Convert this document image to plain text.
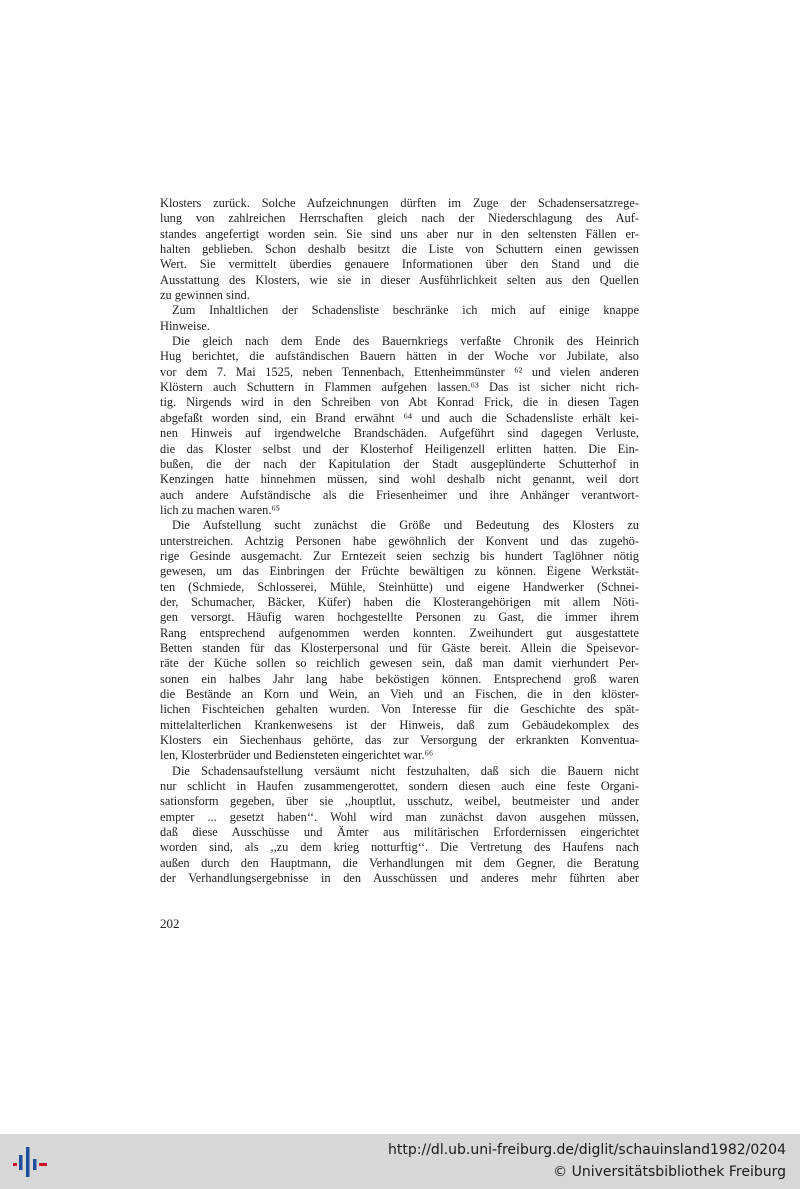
Klosters zurück. Solche Aufzeichnungen dürften im Zuge der Schadensersatzrege-
lung von zahlreichen Herrschaften gleich nach der Niederschlagung des Auf-
standes angefertigt worden sein. Sie sind uns aber nur in den seltensten Fällen er-
halten geblieben. Schon deshalb besitzt die Liste von Schuttern einen gewissen
Wert. Sie vermittelt überdies genauere Informationen über den Stand und die
Ausstattung des Klosters, wie sie in dieser Ausführlichkeit selten aus den Quellen
zu gewinnen sind.
Zum Inhaltlichen der Schadensliste beschränke ich mich auf einige knappe
Hinweise.
Die gleich nach dem Ende des Bauernkriegs verfaßte Chronik des Heinrich
Hug berichtet, die aufständischen Bauern hätten in der Woche vor Jubilate, also
vor dem 7. Mai 1525, neben Tennenbach, Ettenheimmünster ⁶² und vielen anderen
Klöstern auch Schuttern in Flammen aufgehen lassen.⁶³ Das ist sicher nicht rich-
tig. Nirgends wird in den Schreiben von Abt Konrad Frick, die in diesen Tagen
abgefaßt worden sind, ein Brand erwähnt ⁶⁴ und auch die Schadensliste erhält kei-
nen Hinweis auf irgendwelche Brandschäden. Aufgeführt sind dagegen Verluste,
die das Kloster selbst und der Klosterhof Heiligenzell erlitten hatten. Die Ein-
bußen, die der nach der Kapitulation der Stadt ausgeplünderte Schutterhof in
Kenzingen hatte hinnehmen müssen, sind wohl deshalb nicht genannt, weil dort
auch andere Aufständische als die Friesenheimer und ihre Anhänger verantwort-
lich zu machen waren.⁶⁵
Die Aufstellung sucht zunächst die Größe und Bedeutung des Klosters zu
unterstreichen. Achtzig Personen habe gewöhnlich der Konvent und das zugehö-
rige Gesinde ausgemacht. Zur Erntezeit seien sechzig bis hundert Taglöhner nötig
gewesen, um das Einbringen der Früchte bewältigen zu können. Eigene Werkstät-
ten (Schmiede, Schlosserei, Mühle, Steinhütte) und eigene Handwerker (Schnei-
der, Schumacher, Bäcker, Küfer) haben die Klosterangehörigen mit allem Nöti-
gen versorgt. Häufig waren hochgestellte Personen zu Gast, die immer ihrem
Rang entsprechend aufgenommen werden konnten. Zweihundert gut ausgestattete
Betten standen für das Klosterpersonal und für Gäste bereit. Allein die Speisevor-
räte der Küche sollen so reichlich gewesen sein, daß man damit vierhundert Per-
sonen ein halbes Jahr lang habe beköstigen können. Entsprechend groß waren
die Bestände an Korn und Wein, an Vieh und an Fischen, die in den klöster-
lichen Fischteichen gehalten wurden. Von Interesse für die Geschichte des spät-
mittelalterlichen Krankenwesens ist der Hinweis, daß zum Gebäudekomplex des
Klosters ein Siechenhaus gehörte, das zur Versorgung der erkrankten Konventua-
len, Klosterbrüder und Bediensteten eingerichtet war.⁶⁶
Die Schadensaufstellung versäumt nicht festzuhalten, daß sich die Bauern nicht
nur schlicht in Haufen zusammengerottet, sondern diesen auch eine feste Organi-
sationsform gegeben, über sie ,,houptlut, usschutz, weibel, beutmeister und ander
empter ... gesetzt haben‘‘. Wohl wird man zunächst davon ausgehen müssen,
daß diese Ausschüsse und Ämter aus militärischen Erfordernissen eingerichtet
worden sind, als ,,zu dem krieg notturftig‘‘. Die Vertretung des Haufens nach
außen durch den Hauptmann, die Verhandlungen mit dem Gegner, die Beratung
der Verhandlungsergebnisse in den Ausschüssen und anderes mehr führten aber
202
http://dl.ub.uni-freiburg.de/diglit/schauinsland1982/0204
© Universitätsbibliothek Freiburg
